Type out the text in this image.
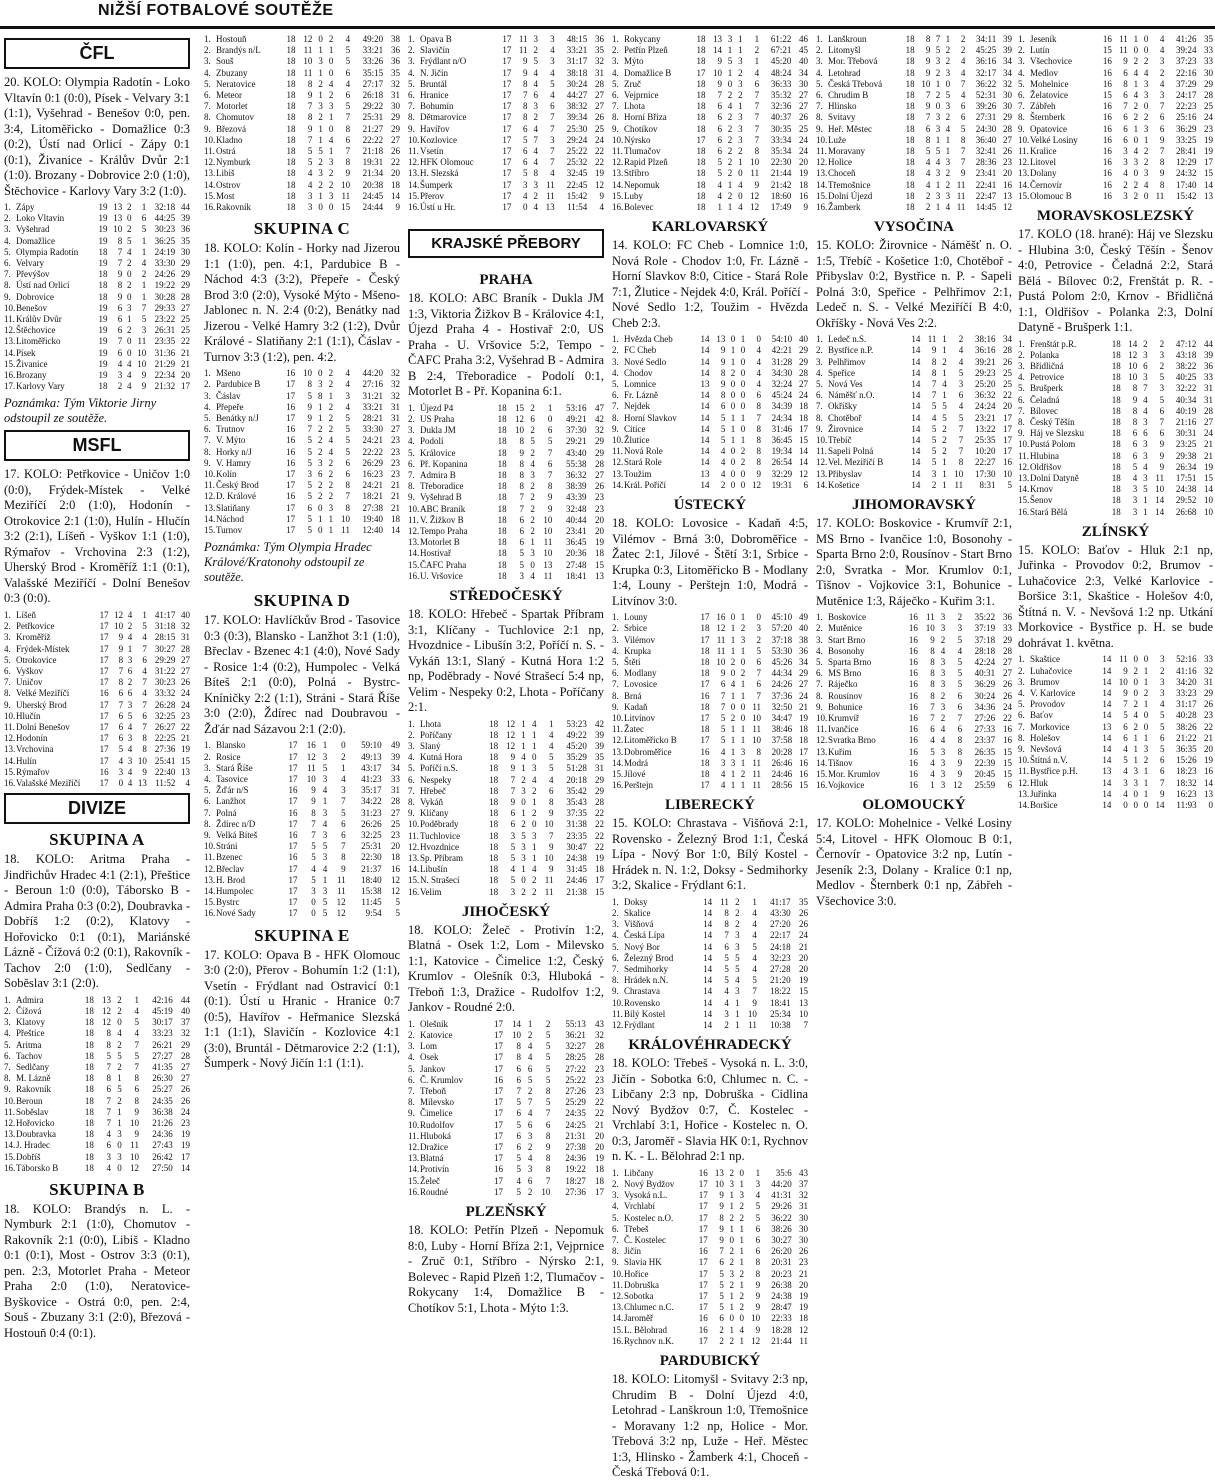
NIŽŠÍ FOTBALOVÉ SOUTĚŽE
ČFL

20. KOLO: Olympia Radotín - Loko Vltavín 0:1 (0:0), Písek - Velvary 3:1 (1:1), Vyšehrad - Benešov 0:0, pen. 3:4, Litoměřicko - Domažlice 0:3 (0:2), Ústí nad Orlicí - Zápy 0:1 (0:1), Živanice - Králův Dvůr 2:1 (1:0). Brozany - Dobrovice 2:0 (1:0), Štěchovice - Karlovy Vary 3:2 (1:0).

1.	Zápy	19	13	2	1	32:18	44
2.	Loko Vltavín	19	13	0	6	44:25	39
3.	Vyšehrad	19	10	2	5	30:23	36
4.	Domažlice	19	8	5	1	36:25	35
5.	Olympia Radotín	18	7	4	1	24:19	30
6.	Velvary	19	7	2	4	33:30	29
7.	Převýšov	18	9	0	2	24:26	29
8.	Ústí nad Orlicí	18	8	2	1	19:22	29
9.	Dobrovice	18	9	0	1	30:28	28
10.	Benešov	19	6	3	7	29:33	27
11.	Králův Dvůr	19	6	1	5	23:22	25
12.	Štěchovice	19	6	2	3	26:31	25
13.	Litoměřicko	19	7	0	11	23:35	22
14.	Písek	19	6	0	10	31:36	21
15.	Živanice	19	4	4	10	21:29	21
16.	Brozany	19	3	4	9	22:34	20
17.	Karlovy Vary	18	2	4	9	21:32	17

Poznámka: Tým Viktorie Jirny odstoupil ze soutěže.

MSFL

17. KOLO: Petřkovice - Uničov 1:0 (0:0), Frýdek-Místek - Velké Meziříčí 2:0 (1:0), Hodonín - Otrokovice 2:1 (1:0), Hulín - Hlučín 3:2 (2:1), Líšeň - Vyškov 1:1 (1:0), Rýmařov - Vrchovina 2:3 (1:2), Uherský Brod - Kroměříž 1:1 (0:1), Valašské Meziříčí - Dolní Benešov 0:3 (0:0).

1.	Líšeň	17	12	4	1	41:17	40
2.	Petřkovice	17	10	2	5	31:18	32
3.	Kroměříž	17	9	4	4	28:15	31
4.	Frýdek-Místek	17	9	1	7	30:27	28
5.	Otrokovice	17	8	3	6	29:29	27
6.	Vyškov	17	7	6	4	31:22	27
7.	Uničov	17	8	2	7	30:23	26
8.	Velké Meziříčí	16	6	6	4	33:32	24
9.	Uherský Brod	17	7	3	7	26:28	24
10.	Hlučín	17	6	5	6	32:25	23
11.	Dolní Benešov	17	6	4	7	26:27	22
12.	Hodonín	17	6	3	8	22:25	21
13.	Vrchovina	17	5	4	8	27:36	19
14.	Hulín	17	4	3	10	25:41	15
15.	Rýmařov	16	3	4	9	22:40	13
16.	Valašské Meziříčí	17	0	4	13	11:52	4
DIVIZE
SKUPINA A

18. KOLO: Aritma Praha - Jindřichův Hradec 4:1 (2:1), Přeštice - Beroun 1:0 (0:0), Táborsko B - Admira Praha 0:3 (0:2), Doubravka - Dobříš 1:2 (0:2), Klatovy - Hořovicko 0:1 (0:1), Mariánské Lázně - Čížová 0:2 (0:1), Rakovník - Tachov 2:0 (1:0), Sedlčany - Soběslav 3:1 (2:0).

1.	Admira	18	13	2	1	42:16	44
2.	Čížová	18	12	2	4	45:19	40
3.	Klatovy	18	12	0	5	30:17	37
4.	Přeštice	18	8	4	4	33:23	32
5.	Aritma	18	8	2	7	26:21	29
6.	Tachov	18	5	5	5	27:27	28
7.	Sedlčany	18	7	2	7	41:35	27
8.	M. Lázně	18	8	1	8	26:30	27
9.	Rakovník	18	6	5	6	25:27	26
10.	Beroun	18	7	2	8	24:35	26
11.	Soběslav	18	7	1	9	36:38	24
12.	Hořovicko	18	7	1	10	21:26	23
13.	Doubravka	18	4	3	9	24:36	19
14.	J. Hradec	18	6	0	11	27:43	19
15.	Dobříš	18	3	3	10	26:42	17
16.	Táborsko B	18	4	0	12	27:50	14
SKUPINA B

18. KOLO: Brandýs n. L. - Nymburk 2:1 (1:0), Chomutov - Rakovník 2:1 (0:0), Libiš - Kladno 0:1 (0:1), Most - Ostrov 3:3 (0:1), pen. 2:3, Motorlet Praha - Meteor Praha 2:0 (1:0), Neratovice-Byškovice - Ostrá 0:0, pen. 2:4, Souš - Zbuzany 3:1 (2:0), Březová - Hostouň 0:4 (0:1).

1.	Hostouň	18	12	0	2	4	49:20	38
2.	Brandýs n/L	18	11	1	1	5	33:21	36
3.	Souš	18	10	3	0	5	33:26	36
4.	Zbuzany	18	11	1	0	6	35:15	35
5.	Neratovice	18	8	2	4	4	27:17	32
6.	Meteor	18	9	1	2	6	26:18	31
7.	Motorlet	18	7	3	3	5	29:22	30
8.	Chomutov	18	8	2	1	7	25:31	29
9.	Březová	18	9	1	0	8	21:27	29
10.	Kladno	18	7	1	4	6	22:22	27
11.	Ostrá	18	5	5	1	7	21:18	26
12.	Nymburk	18	5	2	3	8	19:31	22
13.	Libiš	18	4	3	2	9	21:34	20
14.	Ostrov	18	4	2	2	10	20:38	18
15.	Most	18	3	1	3	11	24:45	14
16.	Rakovník	18	3	0	0	15	24:44	9
SKUPINA C

18. KOLO: Kolín - Horky nad Jizerou 1:1 (1:0), pen. 4:1, Pardubice B - Náchod 4:3 (3:2), Přepeře - Český Brod 3:0 (2:0), Vysoké Mýto - Mšeno-Jablonec n. N. 2:4 (0:2), Benátky nad Jizerou - Velké Hamry 3:2 (1:2), Dvůr Králové - Slatiňany 2:1 (1:1), Čáslav - Turnov 3:3 (1:2), pen. 4:2.

1.	Mšeno	16	10	0	2	4	44:20	32
2.	Pardubice B	17	8	3	2	4	27:16	32
3.	Čáslav	17	5	8	1	3	31:21	32
4.	Přepeře	16	9	1	2	4	33:21	31
5.	Benátky n/J	17	9	1	2	5	28:21	31
6.	Trutnov	16	7	2	2	5	33:30	27
7.	V. Mýto	16	5	2	4	5	24:21	23
8.	Horky n/J	16	5	2	4	5	22:22	23
9.	V. Hamry	16	5	3	2	6	26:29	23
10.	Kolín	17	3	6	2	6	16:23	23
11.	Český Brod	17	5	2	2	8	24:21	21
12.	D. Králové	16	5	2	2	7	18:21	21
13.	Slatiňany	17	6	0	3	8	27:38	21
14.	Náchod	17	5	1	1	10	19:40	18
15.	Turnov	17	5	0	1	11	12:40	14

Poznámka: Tým Olympia Hradec Králové/Kratonohy odstoupil ze soutěže.

SKUPINA D

17. KOLO: Havlíčkův Brod - Tasovice 0:3 (0:3), Blansko - Lanžhot 3:1 (1:0), Břeclav - Bzenec 4:1 (4:0), Nové Sady - Rosice 1:4 (0:2), Humpolec - Velká Bíteš 2:1 (0:0), Polná - Bystrc-Kníničky 2:2 (1:1), Stráni - Stará Říše 3:0 (2:0), Ždírec nad Doubravou - Žďár nad Sázavou 2:1 (2:0).

1.	Blansko	17	16	1	0	59:10	49
2.	Rosice	17	12	3	2	49:13	39
3.	Stará Říše	17	11	5	1	43:17	34
4.	Tasovice	17	10	3	4	41:23	33
5.	Žďár n/S	16	9	4	3	35:17	31
6.	Lanžhot	17	9	1	7	34:22	28
7.	Polná	16	8	3	5	31:23	27
8.	Ždírec n/D	17	7	4	6	26:26	25
9.	Velká Bíteš	16	7	3	6	32:25	23
10.	Stráni	17	5	5	7	25:31	20
11.	Bzenec	16	5	3	8	22:30	18
12.	Břeclav	17	4	4	9	21:37	16
13.	H. Brod	17	5	1	11	18:40	12
14.	Humpolec	17	3	3	11	15:38	12
15.	Bystrc	17	0	5	12	11:45	5
16.	Nové Sady	17	0	5	12	9:54	5
SKUPINA E

17. KOLO: Opava B - HFK Olomouc 3:0 (2:0), Přerov - Bohumín 1:2 (1:1), Vsetín - Frýdlant nad Ostravicí 0:1 (0:1). Ústí u Hranic - Hranice 0:7 (0:5), Havířov - Heřmanice Slezská 1:1 (1:1), Slavičín - Kozlovice 4:1 (3:0), Bruntál - Dětmarovice 2:2 (1:1), Šumperk - Nový Jičín 1:1 (1:1).

1.	Opava B	17	11	3	3	48:15	36
2.	Slavičín	17	11	2	4	33:21	35
3.	Frýdlant n/O	17	9	5	3	31:17	32
4.	N. Jičín	17	9	4	4	38:18	31
5.	Bruntál	17	8	4	5	30:24	28
6.	Hranice	17	7	6	4	44:27	27
7.	Bohumín	17	8	3	6	38:32	27
8.	Dětmarovice	17	8	2	7	39:34	26
9.	Havířov	17	6	4	7	25:30	25
10.	Kozlovice	17	5	7	3	29:24	24
11.	Vsetín	17	6	4	7	25:22	22
12.	HFK Olomouc	17	6	4	7	25:32	22
13.	H. Slezská	17	5	8	4	32:45	19
14.	Šumperk	17	3	3	11	22:45	12
15.	Přerov	17	4	2	11	15:42	9
16.	Ústí u Hr.	17	0	4	13	11:54	4
KRAJSKÉ PŘEBORY
PRAHA

18. KOLO: ABC Braník - Dukla JM 1:3, Viktoria Žižkov B - Královice 4:1, Újezd Praha 4 - Hostivař 2:0, US Praha - U. Vršovice 5:2, Tempo - ČAFC Praha 3:2, Vyšehrad B - Admira B 2:4, Třeboradice - Podolí 0:1, Motorlet B - Př. Kopanina 6:1.

1.	Újezd P4	18	15	2	1	53:16	47
2.	US Praha	18	12	6	0	49:21	42
3.	Dukla JM	18	10	2	6	37:30	32
4.	Podolí	18	8	5	5	29:21	29
5.	Královice	18	9	2	7	43:40	29
6.	Př. Kopanina	18	8	4	6	55:38	28
7.	Admira B	18	8	3	7	36:32	27
8.	Třeboradice	18	8	2	8	38:39	26
9.	Vyšehrad B	18	7	2	9	43:39	23
10.	ABC Braník	18	7	2	9	32:48	23
11.	V. Žižkov B	18	6	2	10	40:44	20
12.	Tempo Praha	18	6	2	10	23:41	20
13.	Motorlet B	18	6	1	11	36:45	19
14.	Hostivař	18	5	3	10	20:36	18
15.	ČAFC Praha	18	5	0	13	27:48	15
16.	U. Vršovice	18	3	4	11	18:41	13
STŘEDOČESKÝ

18. KOLO: Hřebeč - Spartak Příbram 3:1, Klíčany - Tuchlovice 2:1 np, Hvozdnice - Libušín 3:2, Poříčí n. S. - Vykáň 13:1, Slaný - Kutná Hora 1:2 np, Poděbrady - Nové Strašecí 5:4 np, Velim - Nespeky 0:2, Lhota - Poříčany 2:1.

1.	Lhota	18	12	1	4	1	53:23	42
2.	Poříčany	18	12	1	1	4	49:22	39
3.	Slaný	18	12	1	1	4	45:20	39
4.	Kutná Hora	18	9	4	0	5	35:29	35
5.	Poříčí n.S.	18	9	1	3	5	51:28	31
6.	Nespeky	18	7	2	4	4	20:18	29
7.	Hřebeč	18	7	3	2	6	35:42	29
8.	Vykáň	18	9	0	1	8	35:43	28
9.	Klíčany	18	6	1	2	9	37:35	22
10.	Poděbrady	18	6	2	0	10	31:38	22
11.	Tuchlovice	18	3	5	3	7	23:35	22
12.	Hvozdnice	18	5	3	1	9	30:47	22
13.	Sp. Příbram	18	5	3	1	10	24:38	19
14.	Libušín	18	4	1	4	9	31:45	18
15.	N. Strašecí	18	5	0	2	11	24:46	17
16.	Velim	18	3	2	2	11	21:38	15
JIHOČESKÝ

18. KOLO: Želeč - Protivín 1:2, Blatná - Osek 1:2, Lom - Milevsko 1:1, Katovice - Čimelice 1:2, Český Krumlov - Olešník 0:3, Hluboká - Třeboň 1:3, Dražice - Rudolfov 1:2, Jankov - Roudné 2:0.

1.	Olešník	17	14	1	2	55:13	43
2.	Katovice	17	10	2	5	36:21	32
3.	Lom	17	8	4	5	32:27	28
4.	Osek	17	8	4	5	28:25	28
5.	Jankov	17	6	6	5	27:22	23
6.	Č. Krumlov	16	6	5	5	25:22	23
7.	Třeboň	17	7	2	8	27:26	23
8.	Milevsko	17	5	7	5	25:29	22
9.	Čimelice	17	6	4	7	24:35	22
10.	Rudolfov	17	5	6	6	24:25	21
11.	Hluboká	17	6	3	8	21:31	20
12.	Dražice	17	6	2	9	27:38	20
13.	Blatná	17	5	4	8	24:36	19
14.	Protivín	16	5	3	8	19:22	18
15.	Želeč	17	4	6	7	18:27	18
16.	Roudné	17	5	2	10	27:36	17
PLZEŇSKÝ

18. KOLO: Petřín Plzeň - Nepomuk 8:0, Luby - Horní Bříza 2:1, Vejprnice - Zruč 0:1, Stříbro - Nýrsko 2:1, Bolevec - Rapid Plzeň 1:2, Tlumačov - Rokycany 1:4, Domažlice B - Chotíkov 5:1, Lhota - Mýto 1:3.

1.	Rokycany	18	13	3	1	1	61:22	46
2.	Petřín Plzeň	18	14	1	1	2	67:21	45
3.	Mýto	18	9	5	3	1	45:20	40
4.	Domažlice B	17	10	1	2	4	48:24	34
5.	Zruč	18	9	0	3	6	36:33	30
6.	Vejprnice	18	7	2	2	7	35:32	27
7.	Lhota	18	6	4	1	7	32:36	27
8.	Horní Bříza	18	6	2	3	7	40:37	26
9.	Chotíkov	18	6	2	3	7	30:35	25
10.	Nýrsko	17	6	2	3	7	33:34	24
11.	Tlumačov	18	6	2	2	8	35:34	24
12.	Rapid Plzeň	18	5	2	1	10	22:30	20
13.	Stříbro	18	5	2	0	11	21:44	19
14.	Nepomuk	18	4	1	4	9	21:42	18
15.	Luby	18	4	2	0	12	18:60	16
16.	Bolevec	18	1	1	4	12	17:49	9
KARLOVARSKÝ

14. KOLO: FC Cheb - Lomnice 1:0, Nová Role - Chodov 1:0, Fr. Lázně - Horní Slavkov 8:0, Citice - Stará Role 7:1, Žlutice - Nejdek 4:0, Král. Poříčí - Nové Sedlo 1:2, Toužim - Hvězda Cheb 2:3.

1.	Hvězda Cheb	14	13	0	1	0	54:10	40
2.	FC Cheb	14	9	1	0	4	42:21	29
3.	Nové Sedlo	14	9	1	0	4	31:28	29
4.	Chodov	14	8	2	0	4	34:30	28
5.	Lomnice	13	9	0	0	4	32:24	27
6.	Fr. Lázně	14	8	0	0	6	45:24	24
7.	Nejdek	14	6	0	0	8	34:39	18
8.	Horní Slavkov	14	5	1	1	7	24:34	18
9.	Citice	14	5	1	0	8	31:46	17
10.	Žlutice	14	5	1	1	8	36:45	15
11.	Nová Role	14	4	0	2	8	19:34	14
12.	Stará Role	14	4	0	2	8	26:54	14
13.	Toužim	13	4	0	0	9	32:29	12
14.	Král. Poříčí	14	2	0	0	12	19:31	6
ÚSTECKÝ

18. KOLO: Lovosice - Kadaň 4:5, Vilémov - Brná 3:0, Dobroměřice - Žatec 2:1, Jílové - Štětí 3:1, Srbice - Krupka 0:3, Litoměřicko B - Modlany 1:4, Louny - Perštejn 1:0, Modrá - Litvínov 3:0.

1.	Louny	17	16	0	1	0	45:10	49
2.	Srbice	18	12	1	2	3	57:20	40
3.	Vilémov	17	11	1	3	2	37:18	38
4.	Krupka	18	11	1	1	5	53:30	36
5.	Štětí	18	10	2	0	6	45:26	34
6.	Modlany	18	9	0	2	7	44:34	29
7.	Lovosice	17	6	4	1	6	24:26	27
8.	Brná	16	7	1	1	7	37:36	24
9.	Kadaň	18	7	0	0	11	32:50	21
10.	Litvínov	17	5	2	0	10	34:47	19
11.	Žatec	18	5	1	1	11	38:46	18
12.	Litoměřicko B	17	5	1	1	10	37:58	18
13.	Dobroměřice	16	4	1	3	8	20:28	17
14.	Modrá	18	3	3	1	11	26:46	16
15.	Jílové	18	4	1	2	11	24:46	16
16.	Perštejn	17	4	1	1	11	28:56	15
LIBERECKÝ

15. KOLO: Chrastava - Višňová 2:1, Rovensko - Železný Brod 1:1, Česká Lípa - Nový Bor 1:0, Bílý Kostel - Hrádek n. N. 1:2, Doksy - Sedmihorky 3:2, Skalice - Frýdlant 6:1.

1.	Doksy	14	11	2	1	41:17	35
2.	Skalice	14	8	2	4	43:30	26
3.	Višňová	14	8	2	4	27:20	26
4.	Česká Lípa	14	7	3	4	22:17	24
5.	Nový Bor	14	6	3	5	24:18	21
6.	Železný Brod	14	5	5	4	32:23	20
7.	Sedmihorky	14	5	5	4	27:28	20
8.	Hrádek n.N.	14	5	4	5	21:20	19
9.	Chrastava	14	4	3	7	18:22	15
10.	Rovensko	14	4	1	9	18:41	13
11.	Bílý Kostel	14	3	1	10	25:34	10
12.	Frýdlant	14	2	1	11	10:38	7
KRÁLOVÉHRADECKÝ

18. KOLO: Třebeš - Vysoká n. L. 3:0, Jičín - Sobotka 6:0, Chlumec n. C. - Libčany 2:3 np, Dobruška - Cidlina Nový Bydžov 0:7, Č. Kostelec - Vrchlabí 3:1, Hořice - Kostelec n. O. 0:3, Jaroměř - Slavia HK 0:1, Rychnov n. K. - L. Bělohrad 2:1 np.

1.	Libčany	16	13	2	0	1	35:6	43
2.	Nový Bydžov	17	10	3	1	3	44:20	37
3.	Vysoká n.L.	17	9	1	3	4	41:31	32
4.	Vrchlabí	17	9	1	2	5	29:26	31
5.	Kostelec n.O.	17	8	2	2	5	36:22	30
6.	Třebeš	17	9	1	1	6	38:26	30
7.	Č. Kostelec	17	9	0	1	6	30:27	30
8.	Jičín	16	7	2	1	6	26:20	26
9.	Slavia HK	17	6	2	1	8	20:31	23
10.	Hořice	17	5	3	2	8	20:23	21
11.	Dobruška	17	5	2	1	9	26:38	20
12.	Sobotka	17	5	1	2	9	24:38	19
13.	Chlumec n.C.	17	5	1	2	9	28:47	19
14.	Jaroměř	16	6	0	0	10	22:33	18
15.	L. Bělohrad	16	2	1	4	9	18:28	12
16.	Rychnov n.K.	17	2	2	1	12	21:44	11
PARDUBICKÝ

18. KOLO: Litomyšl - Svitavy 2:3 np, Chrudim B - Dolní Újezd 4:0, Letohrad - Lanškroun 1:0, Třemošnice - Moravany 1:2 np, Holice - Mor. Třebová 3:2 np, Luže - Heř. Městec 1:3, Hlinsko - Žamberk 4:1, Choceň - Česká Třebová 0:1.

1.	Lanškroun	18	8	7	1	2	34:11	39
2.	Litomyšl	18	9	5	2	2	45:25	39
3.	Mor. Třebová	18	9	3	2	4	36:16	34
4.	Letohrad	18	9	2	3	4	32:17	34
5.	Česká Třebová	18	10	1	0	7	36:22	32
6.	Chrudim B	18	7	2	5	4	52:31	30
7.	Hlinsko	18	9	0	3	6	39:26	30
8.	Svitavy	18	7	3	2	6	27:31	29
9.	Heř. Městec	18	6	3	4	5	24:30	28
10.	Luže	18	8	1	1	8	36:40	27
11.	Moravany	18	5	5	1	7	32:41	26
12.	Holice	18	4	4	3	7	28:36	23
13.	Choceň	18	4	3	2	9	23:41	20
14.	Třemošnice	18	4	1	2	11	22:41	16
15.	Dolní Újezd	18	2	3	3	11	22:47	13
16.	Žamberk	18	2	1	4	11	14:45	12
VYSOČINA

15. KOLO: Žirovnice - Náměšť n. O. 1:5, Třebíč - Košetice 1:0, Chotěboř - Přibyslav 0:2, Bystřice n. P. - Sapeli Polná 3:0, Speřice - Pelhřimov 2:1, Ledeč n. S. - Velké Meziříčí B 4:0, Okříšky - Nová Ves 2:2.

1.	Ledeč n.S.	14	11	1	2	38:16	34
2.	Bystřice n.P.	14	9	1	4	36:16	28
3.	Pelhřimov	14	8	2	4	39:21	26
4.	Speřice	14	8	1	5	29:23	25
5.	Nová Ves	14	7	4	3	25:20	25
6.	Náměšť n.O.	14	7	1	6	36:32	22
7.	Okříšky	14	5	5	4	24:24	20
8.	Chotěboř	14	4	5	5	23:21	17
9.	Žirovnice	14	5	2	7	13:22	17
10.	Třebíč	14	5	2	7	25:35	17
11.	Sapeli Polná	14	5	2	7	10:20	17
12.	Vel. Meziříčí B	14	5	1	8	22:27	16
13.	Přibyslav	14	3	1	10	17:30	10
14.	Košetice	14	2	1	11	8:31	5
JIHOMORAVSKÝ

17. KOLO: Boskovice - Krumvíř 2:1, MS Brno - Ivančice 1:0, Bosonohy - Sparta Brno 2:0, Rousínov - Start Brno 2:0, Svratka - Mor. Krumlov 0:1, Tišnov - Vojkovice 3:1, Bohunice - Mutěnice 1:3, Ráječko - Kuřim 3:1.

1.	Boskovice	16	11	3	2	35:22	36
2.	Mutěnice	16	10	3	3	37:19	33
3.	Start Brno	16	9	2	5	37:18	29
4.	Bosonohy	16	8	4	4	28:18	28
5.	Sparta Brno	16	8	3	5	42:24	27
6.	MS Brno	16	8	3	5	40:31	27
7.	Ráječko	16	8	3	5	36:29	26
8.	Rousínov	16	8	2	6	30:24	26
9.	Bohunice	16	7	3	6	34:36	24
10.	Krumvíř	16	7	2	7	27:26	22
11.	Ivančice	16	6	4	6	27:33	16
12.	Svratka Brno	16	4	4	8	23:37	16
13.	Kuřim	16	5	3	8	26:35	15
14.	Tišnov	16	4	3	9	22:39	15
15.	Mor. Krumlov	16	4	3	9	20:45	15
16.	Vojkovice	16	1	3	12	25:59	6
OLOMOUCKÝ

17. KOLO: Mohelnice - Velké Losiny 5:4, Litovel - HFK Olomouc B 0:1, Černovír - Opatovice 3:2 np, Lutín - Jeseník 2:3, Dolany - Kralice 0:1 np, Medlov - Šternberk 0:1 np, Zábřeh - Všechovice 3:0.

1.	Jeseník	16	11	1	0	4	41:26	35
2.	Lutín	15	11	0	0	4	39:24	33
3.	Všechovice	16	9	2	2	3	37:23	33
4.	Medlov	16	6	4	4	2	22:16	30
5.	Mohelnice	16	8	1	3	4	37:29	29
6.	Želatovice	15	6	4	3	3	24:17	28
7.	Zábřeh	16	7	2	0	7	22:23	25
8.	Šternberk	16	6	2	2	6	25:16	24
9.	Opatovice	16	6	1	3	6	36:29	23
10.	Velké Losiny	16	6	0	1	9	33:25	19
11.	Kralice	16	3	4	2	7	28:41	19
12.	Litovel	16	3	3	2	8	12:29	17
13.	Dolany	16	4	0	3	9	24:32	15
14.	Černovír	16	2	2	4	8	17:40	14
15.	Olomouc B	16	3	2	0	11	15:42	13
MORAVSKOSLEZSKÝ

17. KOLO (18. hrané): Háj ve Slezsku - Hlubina 3:0, Český Těšín - Šenov 4:0, Petrovice - Čeladná 2:2, Stará Bělá - Bílovec 0:2, Frenštát p. R. - Pustá Polom 2:0, Krnov - Břidličná 1:1, Oldřišov - Polanka 2:3, Dolní Datyně - Brušperk 1:1.

1.	Frenštát p.R.	18	14	2	2	47:12	44
2.	Polanka	18	12	3	3	43:18	39
3.	Břidličná	18	10	6	2	38:22	36
4.	Petrovice	18	10	3	5	40:25	33
5.	Brušperk	18	8	7	3	32:22	31
6.	Čeladná	18	9	4	5	40:34	31
7.	Bílovec	18	8	4	6	40:19	28
8.	Český Těšín	18	8	3	7	21:16	27
9.	Háj ve Slezsku	18	6	6	6	30:31	24
10.	Pustá Polom	18	6	3	9	23:25	21
11.	Hlubina	18	6	3	9	29:38	21
12.	Oldřišov	18	5	4	9	26:34	19
13.	Dolní Datyně	18	4	3	11	17:51	15
14.	Krnov	18	3	5	10	24:38	14
15.	Šenov	18	3	1	14	29:52	10
16.	Stará Bělá	18	3	1	14	26:68	10
ZLÍNSKÝ

15. KOLO: Baťov - Hluk 2:1 np, Juřinka - Provodov 0:2, Brumov - Luhačovice 2:3, Velké Karlovice - Boršice 3:1, Skaštice - Holešov 4:0, Štítná n. V. - Nevšová 1:2 np. Utkání Morkovice - Bystřice p. H. se bude dohrávat 1. května.

1.	Skaštice	14	11	0	0	3	52:16	33
2.	Luhačovice	14	9	2	1	2	41:16	32
3.	Brumov	14	10	0	1	3	34:20	31
4.	V. Karlovice	14	9	0	2	3	33:23	29
5.	Provodov	14	7	2	1	4	31:17	26
6.	Baťov	14	5	4	0	5	40:28	23
7.	Morkovice	13	6	2	0	5	38:26	22
8.	Holešov	14	6	1	1	6	21:22	21
9.	Nevšová	14	4	1	3	5	36:35	20
10.	Štítná n.V.	14	5	1	2	6	15:26	19
11.	Bystřice p.H.	13	4	3	1	6	18:23	16
12.	Hluk	14	3	3	1	7	18:32	14
13.	Juřinka	14	4	0	1	9	16:23	13
14.	Boršice	14	0	0	0	14	11:93	0
